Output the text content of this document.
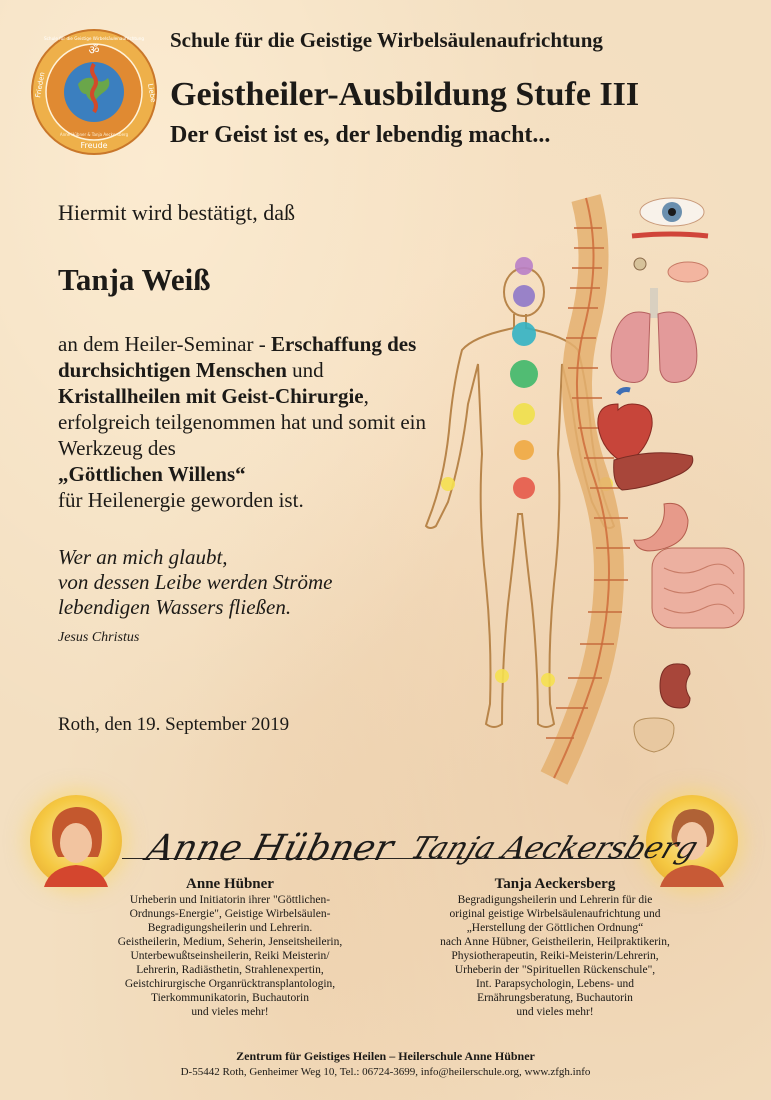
ॐ
Frieden	Liebe
Freude
Schule für die Geistige Wirbelsäulenaufrichtung
Anne Hübner & Tanja Aeckersberg
Schule für die Geistige Wirbelsäulenaufrichtung
Geistheiler-Ausbildung Stufe III
Der Geist ist es, der lebendig macht...
Hiermit wird bestätigt, daß
Tanja Weiß
an dem Heiler-Seminar - Erschaffung des durchsichtigen Menschen und Kristallheilen mit Geist-Chirurgie, erfolgreich teilgenommen hat und somit ein Werkzeug des
„Göttlichen Willens“
für Heilenergie geworden ist.
Wer an mich glaubt,
von dessen Leibe werden Ströme
lebendigen Wassers fließen.
Jesus Christus
Roth, den 19. September 2019
Anne Hübner Tanja Aeckersberg
Anne Hübner
Urheberin und Initiatorin ihrer "Göttlichen-
Ordnungs-Energie", Geistige Wirbelsäulen-
Begradigungsheilerin und Lehrerin.
Geistheilerin, Medium, Seherin, Jenseitsheilerin,
Unterbewußtseinsheilerin, Reiki Meisterin/
Lehrerin, Radiästhetin, Strahlenexpertin,
Geistchirurgische Organrücktransplantologin,
Tierkommunikatorin, Buchautorin
und vieles mehr!
Tanja Aeckersberg
Begradigungsheilerin und Lehrerin für die
original geistige Wirbelsäulenaufrichtung und
„Herstellung der Göttlichen Ordnung“
nach Anne Hübner, Geistheilerin, Heilpraktikerin,
Physiotherapeutin, Reiki-Meisterin/Lehrerin,
Urheberin der "Spirituellen Rückenschule",
Int. Parapsychologin, Lebens- und
Ernährungsberatung, Buchautorin
und vieles mehr!
Zentrum für Geistiges Heilen – Heilerschule Anne Hübner
D-55442 Roth, Genheimer Weg 10, Tel.: 06724-3699, info@heilerschule.org, www.zfgh.info
